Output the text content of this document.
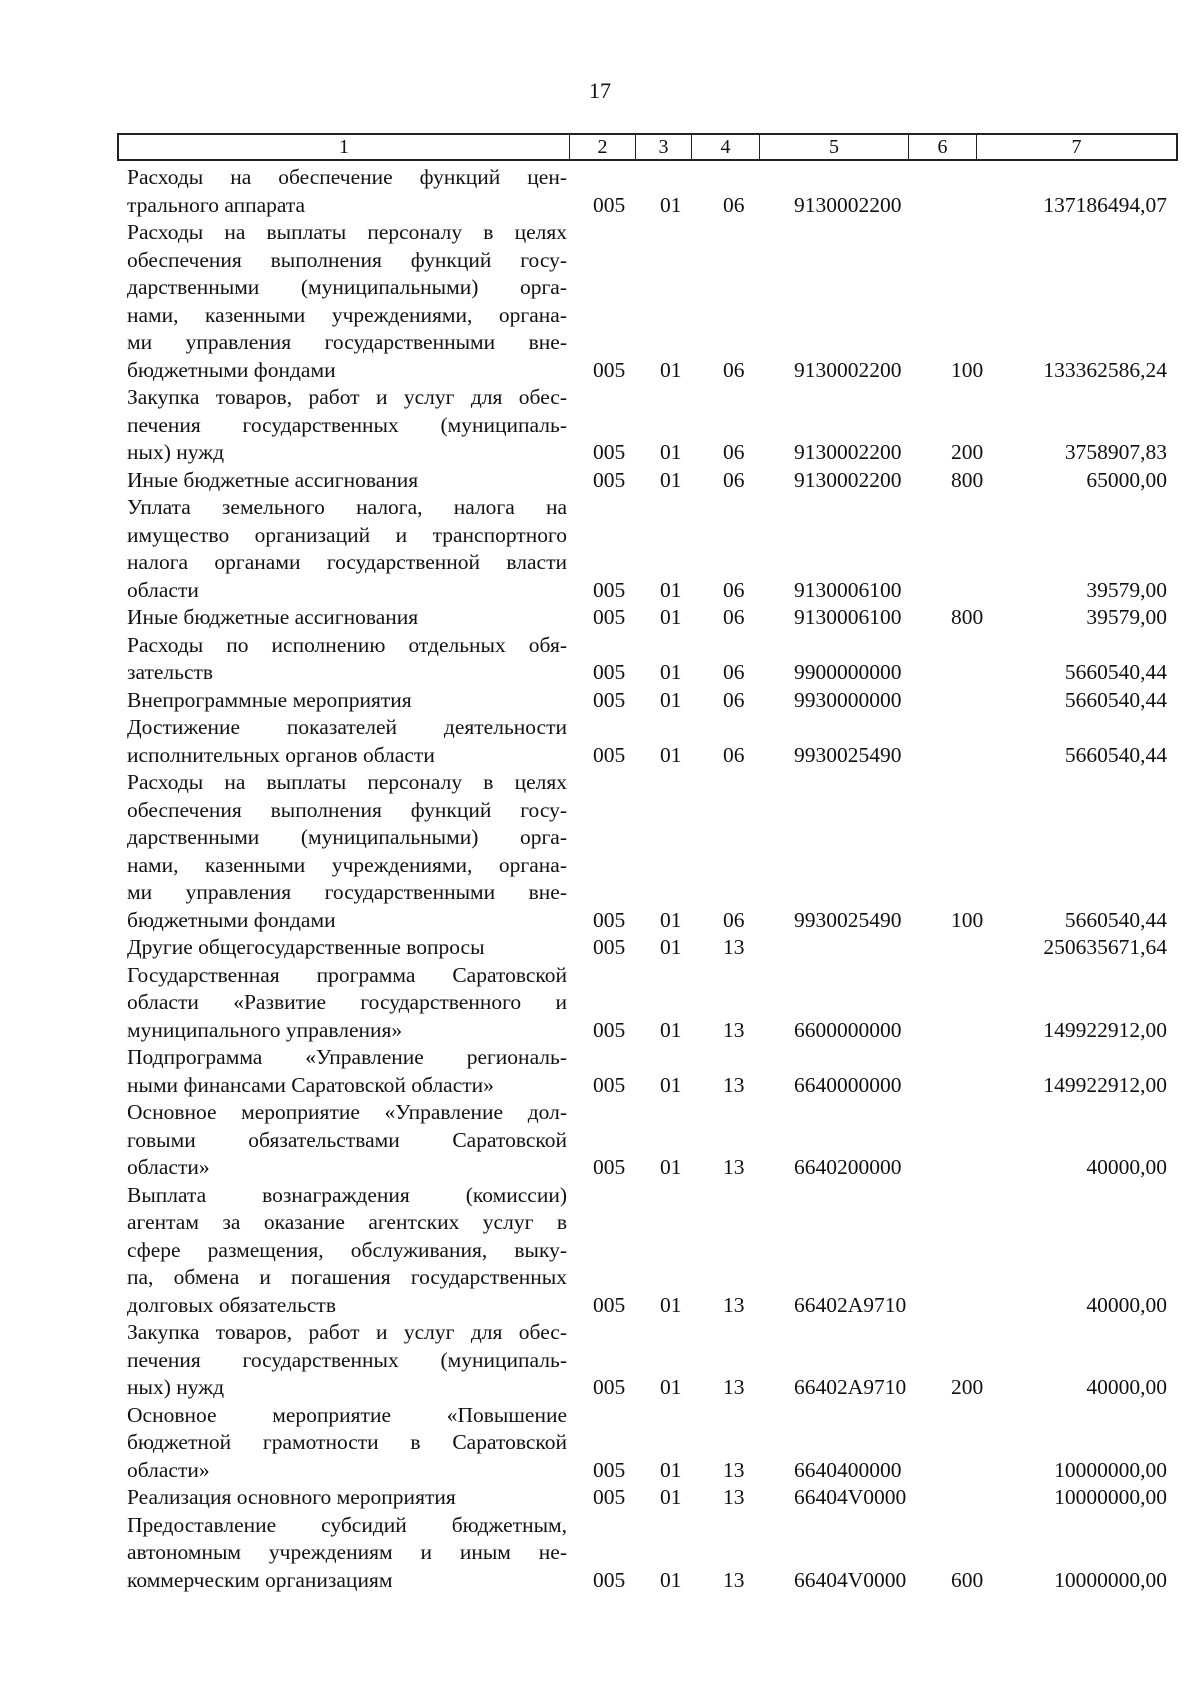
17
1	2	3	4	5	6	7
Расходы на обеспечение функций цен-
трального аппарата	005 01 06 9130002200	137186494,07
Расходы на выплаты персоналу в целях
обеспечения выполнения функций госу-
дарственными (муниципальными) орга-
нами, казенными учреждениями, органа-
ми управления государственными вне-
бюджетными фондами	005 01 06 9130002200 100	133362586,24
Закупка товаров, работ и услуг для обес-
печения государственных (муниципаль-
ных) нужд	005 01 06 9130002200 200	3758907,83
Иные бюджетные ассигнования	005 01 06 9130002200 800	65000,00
Уплата земельного налога, налога на
имущество организаций и транспортного
налога органами государственной власти
области	005 01 06 9130006100	39579,00
Иные бюджетные ассигнования	005 01 06 9130006100 800	39579,00
Расходы по исполнению отдельных обя-
зательств	005 01 06 9900000000	5660540,44
Внепрограммные мероприятия	005 01 06 9930000000	5660540,44
Достижение показателей деятельности
исполнительных органов области	005 01 06 9930025490	5660540,44
Расходы на выплаты персоналу в целях
обеспечения выполнения функций госу-
дарственными (муниципальными) орга-
нами, казенными учреждениями, органа-
ми управления государственными вне-
бюджетными фондами	005 01 06 9930025490 100	5660540,44
Другие общегосударственные вопросы	005 01 13	250635671,64
Государственная программа Саратовской
области «Развитие государственного и
муниципального управления»	005 01 13 6600000000	149922912,00
Подпрограмма «Управление региональ-
ными финансами Саратовской области»	005 01 13 6640000000	149922912,00
Основное мероприятие «Управление дол-
говыми обязательствами Саратовской
области»	005 01 13 6640200000	40000,00
Выплата вознаграждения (комиссии)
агентам за оказание агентских услуг в
сфере размещения, обслуживания, выку-
па, обмена и погашения государственных
долговых обязательств	005 01 13 66402A9710	40000,00
Закупка товаров, работ и услуг для обес-
печения государственных (муниципаль-
ных) нужд	005 01 13 66402A9710 200	40000,00
Основное мероприятие «Повышение
бюджетной грамотности в Саратовской
области»	005 01 13 6640400000	10000000,00
Реализация основного мероприятия	005 01 13 66404V0000	10000000,00
Предоставление субсидий бюджетным,
автономным учреждениям и иным не-
коммерческим организациям	005 01 13 66404V0000 600	10000000,00
